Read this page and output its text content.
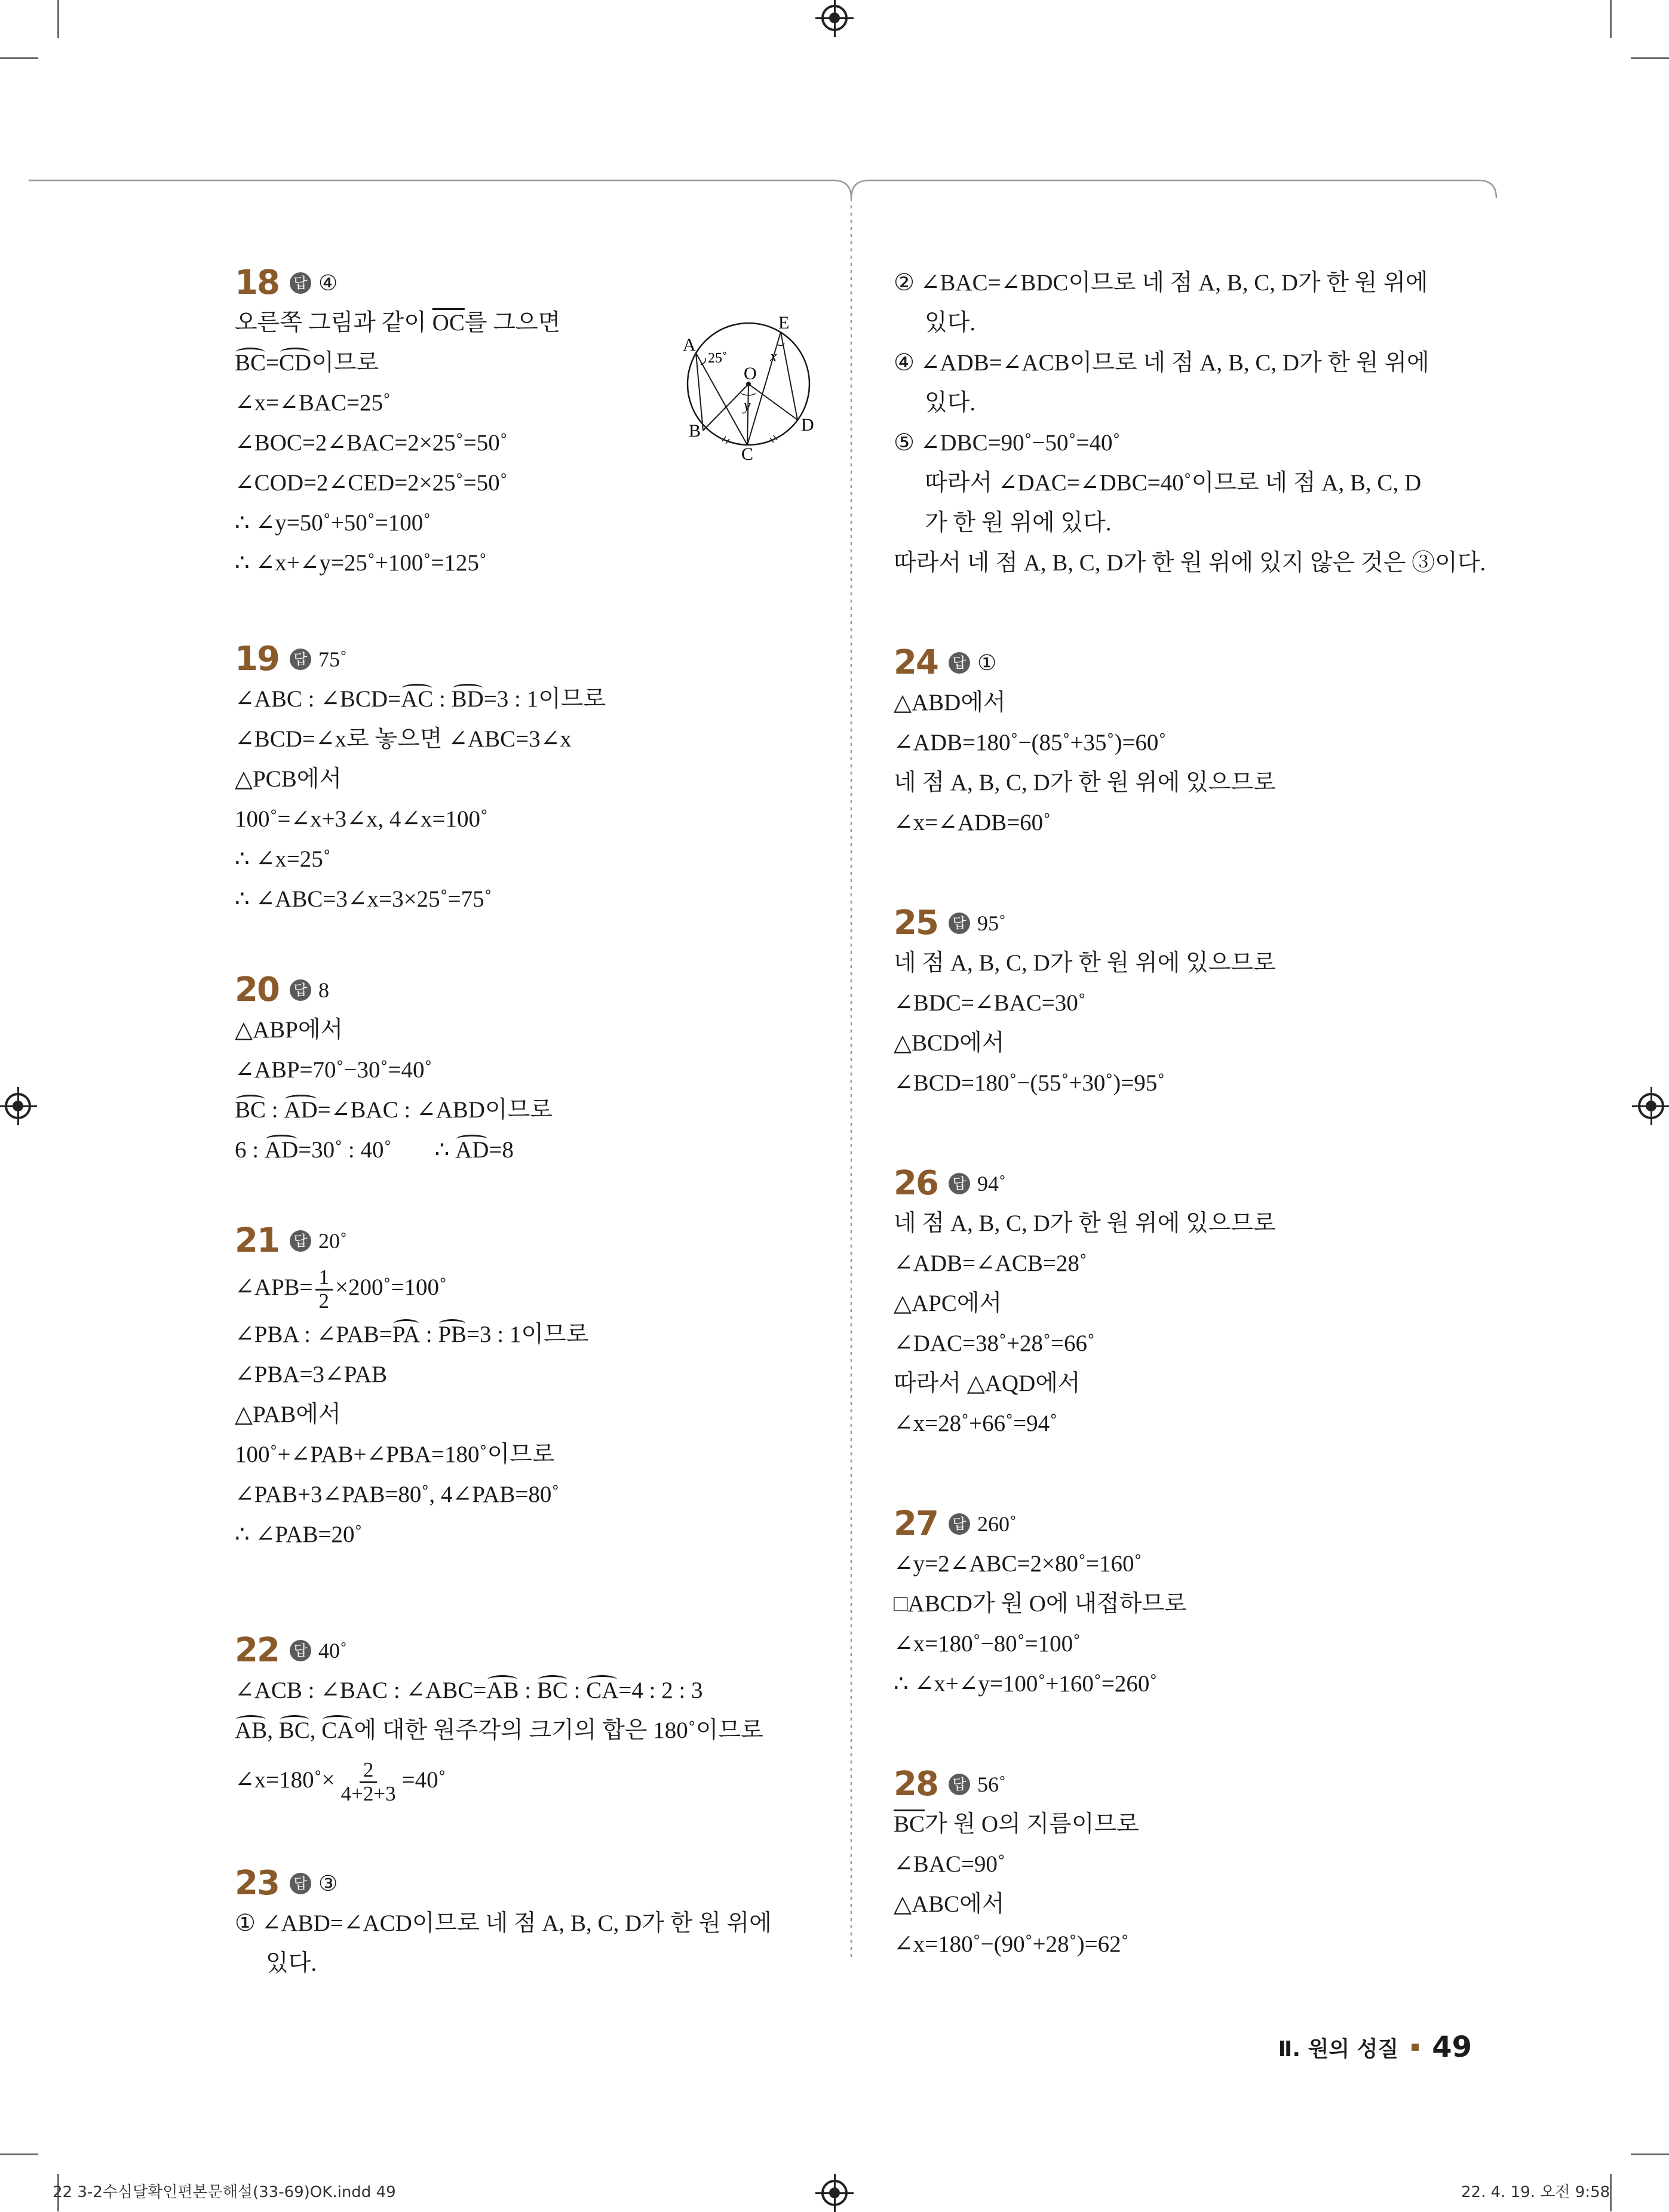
18	답 ④
오른쪽 그림과 같이 $\overline{OC}$를 그으면
BC=CD이므로
∠x=∠BAC=25˚
∠BOC=2∠BAC=2×25˚=50˚
∠COD=2∠CED=2×25˚=50˚
∴ ∠y=50˚+50˚=100˚
∴ ∠x+∠y=25˚+100˚=125˚
A
B
C
D
E
O
25˚	x
y
19	답 75˚
∠ABC : ∠BCD=AC : BD=3 : 1이므로
∠BCD=∠x로 놓으면 ∠ABC=3∠x
△PCB에서
100˚=∠x+3∠x, 4∠x=100˚
∴ ∠x=25˚
∴ ∠ABC=3∠x=3×25˚=75˚
20	답 8
△ABP에서
∠ABP=70˚−30˚=40˚
BC : AD=∠BAC : ∠ABD이므로
6 : AD=30˚ : 40˚ ∴ AD=8
21	답 20˚
∠APB= $\frac{1}{2}$ ×200˚=100˚
∠PBA : ∠PAB=PA : PB=3 : 1이므로
∠PBA=3∠PAB
△PAB에서
100˚+∠PAB+∠PBA=180˚이므로
∠PAB+3∠PAB=80˚, 4∠PAB=80˚
∴ ∠PAB=20˚
22	답 40˚
∠ACB : ∠BAC : ∠ABC=AB : BC : CA=4 : 2 : 3
AB, BC, CA에 대한 원주각의 크기의 합은 180˚이므로
∠x=180˚× $\frac{2}{4+2+3}$ =40˚
23	답 ③
① ∠ABD=∠ACD이므로 네 점 A, B, C, D가 한 원 위에
있다.
② ∠BAC=∠BDC이므로 네 점 A, B, C, D가 한 원 위에
있다.
④ ∠ADB=∠ACB이므로 네 점 A, B, C, D가 한 원 위에
있다.
⑤ ∠DBC=90˚−50˚=40˚
따라서 ∠DAC=∠DBC=40˚이므로 네 점 A, B, C, D
가 한 원 위에 있다.
따라서 네 점 A, B, C, D가 한 원 위에 있지 않은 것은 ③이다.
24	답 ①
△ABD에서
∠ADB=180˚−(85˚+35˚)=60˚
네 점 A, B, C, D가 한 원 위에 있으므로
∠x=∠ADB=60˚
25	답 95˚
네 점 A, B, C, D가 한 원 위에 있으므로
∠BDC=∠BAC=30˚
△BCD에서
∠BCD=180˚−(55˚+30˚)=95˚
26	답 94˚
네 점 A, B, C, D가 한 원 위에 있으므로
∠ADB=∠ACB=28˚
△APC에서
∠DAC=38˚+28˚=66˚
따라서 △AQD에서
∠x=28˚+66˚=94˚
27	답 260˚
∠y=2∠ABC=2×80˚=160˚
□ABCD가 원 O에 내접하므로
∠x=180˚−80˚=100˚
∴ ∠x+∠y=100˚+160˚=260˚
28	답 56˚
$\overline{BC}$가 원 O의 지름이므로
∠BAC=90˚
△ABC에서
∠x=180˚−(90˚+28˚)=62˚
Ⅱ. 원의 성질 49
22 3-2수심달확인편본문해설(33-69)OK.indd 49	22. 4. 19. 오전 9:58
